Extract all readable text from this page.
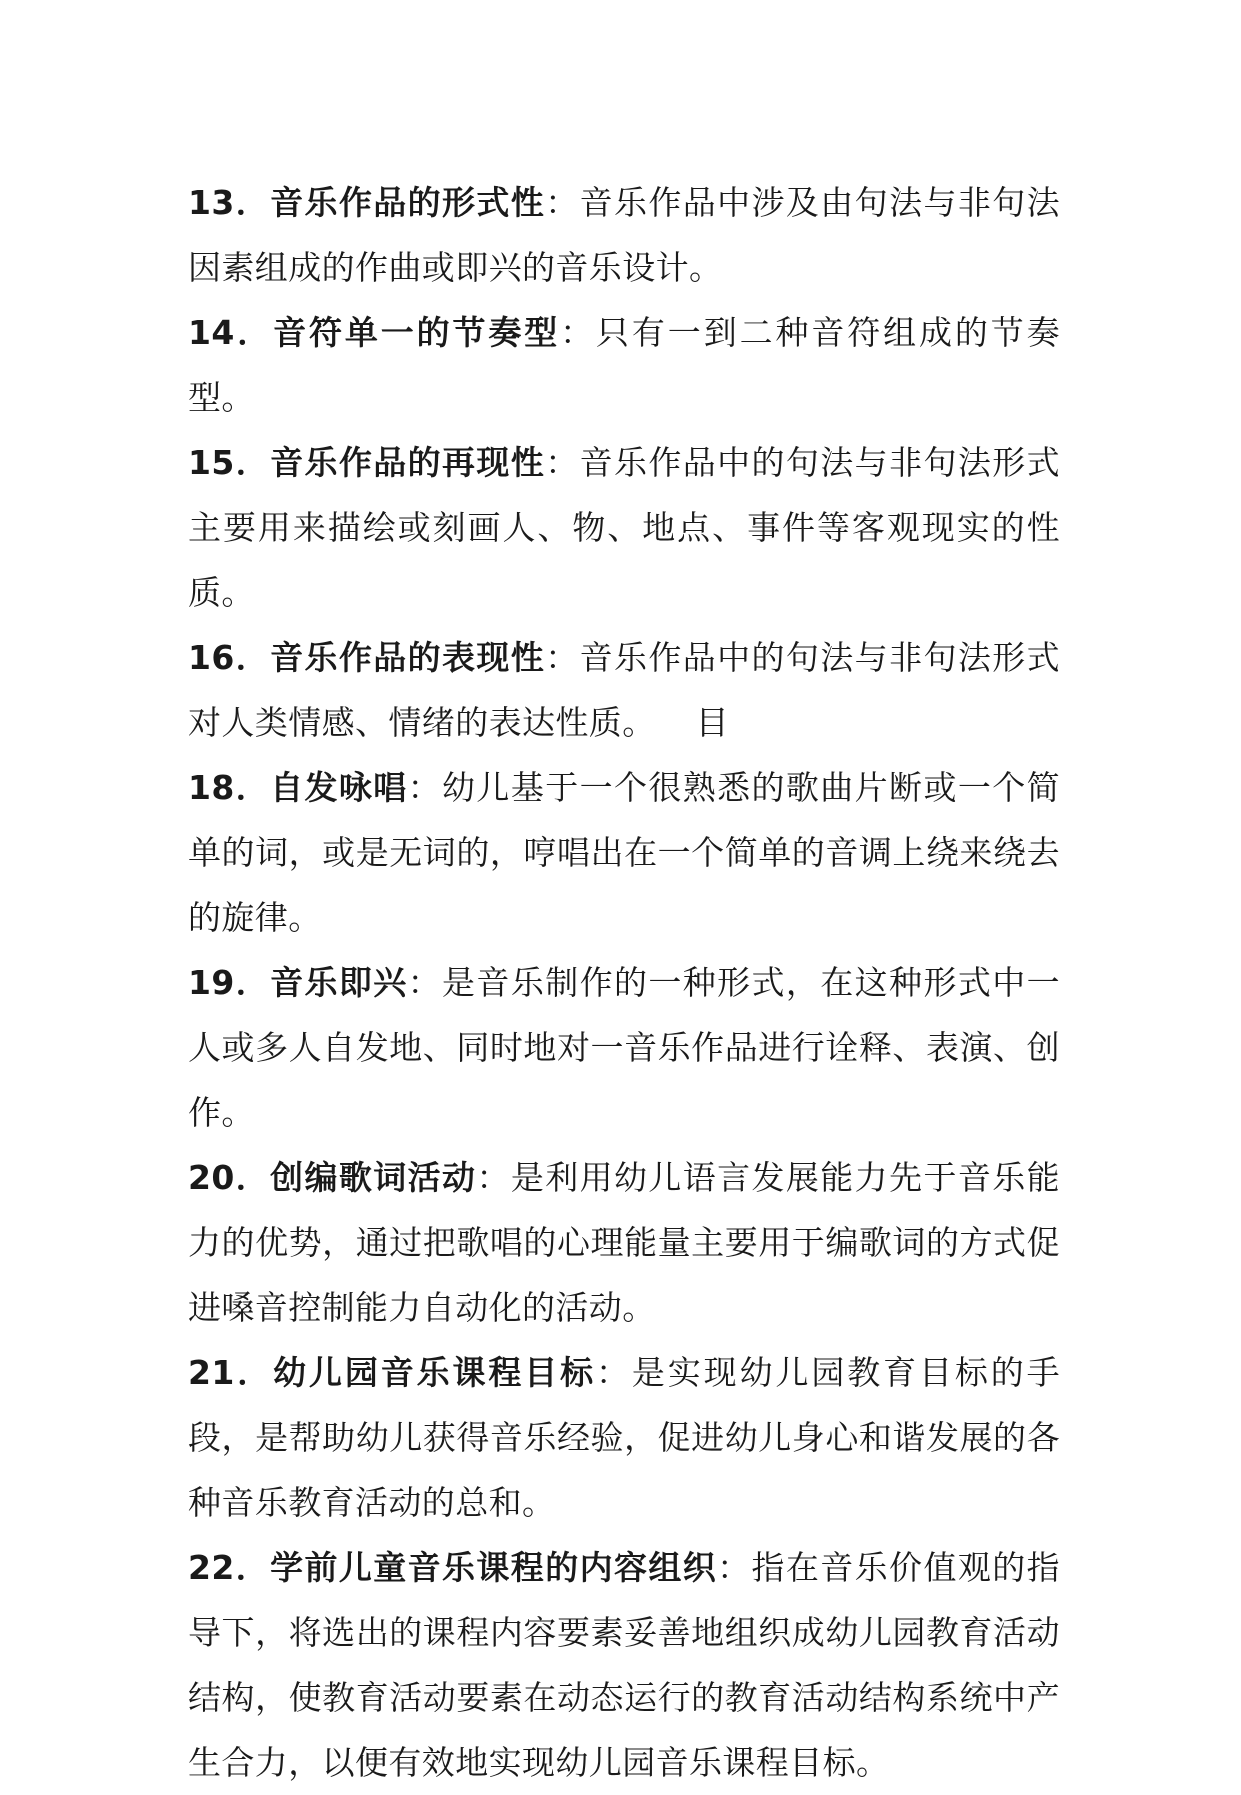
13．音乐作品的形式性：音乐作品中涉及由句法与非句法因素组成的作曲或即兴的音乐设计。

14．音符单一的节奏型：只有一到二种音符组成的节奏型。

15．音乐作品的再现性：音乐作品中的句法与非句法形式主要用来描绘或刻画人、物、地点、事件等客观现实的性质。

16．音乐作品的表现性：音乐作品中的句法与非句法形式对人类情感、情绪的表达性质。 目

18．自发咏唱：幼儿基于一个很熟悉的歌曲片断或一个简单的词，或是无词的，哼唱出在一个简单的音调上绕来绕去的旋律。

19．音乐即兴：是音乐制作的一种形式，在这种形式中一人或多人自发地、同时地对一音乐作品进行诠释、表演、创作。

20．创编歌词活动：是利用幼儿语言发展能力先于音乐能力的优势，通过把歌唱的心理能量主要用于编歌词的方式促进嗓音控制能力自动化的活动。

21．幼儿园音乐课程目标：是实现幼儿园教育目标的手段，是帮助幼儿获得音乐经验，促进幼儿身心和谐发展的各种音乐教育活动的总和。

22．学前儿童音乐课程的内容组织：指在音乐价值观的指导下，将选出的课程内容要素妥善地组织成幼儿园教育活动结构，使教育活动要素在动态运行的教育活动结构系统中产生合力，以便有效地实现幼儿园音乐课程目标。
